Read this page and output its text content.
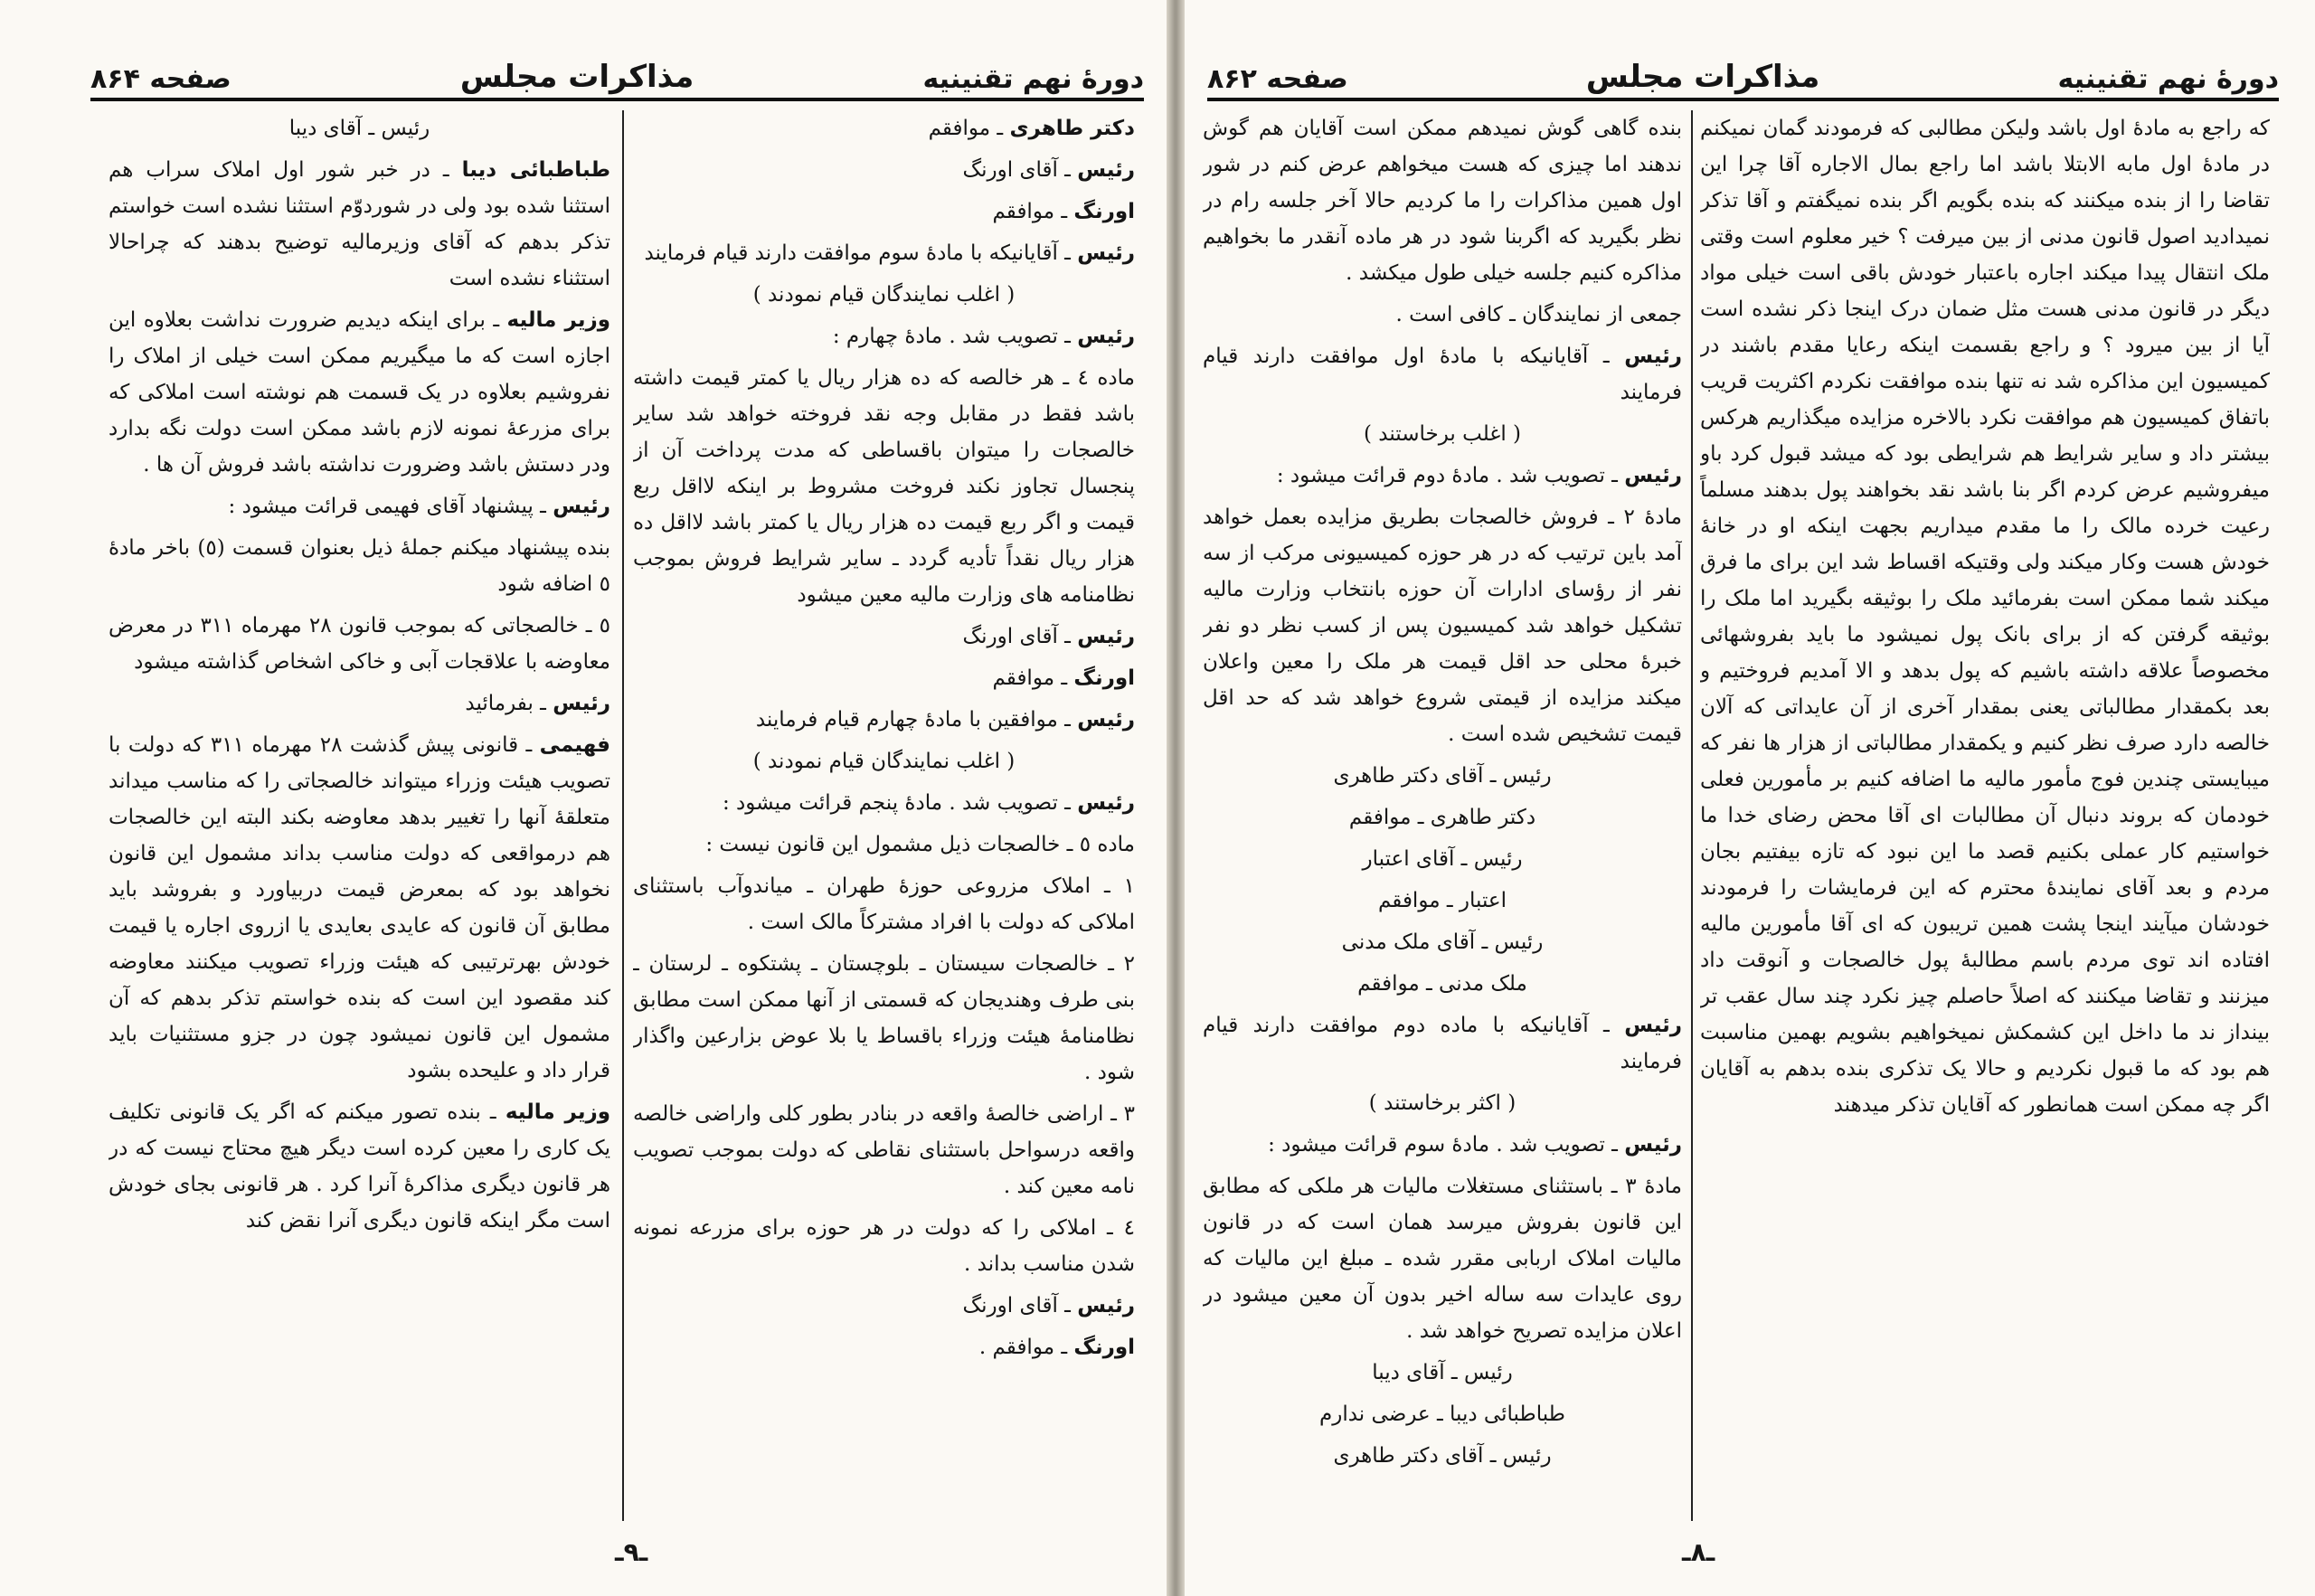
دورهٔ نهم تقنینیه
مذاکرات مجلس
صفحه ۸۶۴

دکتر طاهری ـ موافقم

رئیس ـ آقای اورنگ

اورنگ ـ موافقم

رئیس ـ آقایانیکه با مادهٔ سوم موافقت دارند قیام فرمایند

( اغلب نمایندگان قیام نمودند )

رئیس ـ تصویب شد . مادهٔ چهارم :

ماده ٤ ـ هر خالصه که ده هزار ریال یا کمتر قیمت داشته باشد فقط در مقابل وجه نقد فروخته خواهد شد سایر خالصجات را میتوان باقساطی که مدت پرداخت آن از پنجسال تجاوز نکند فروخت مشروط بر اینکه لااقل ربع قیمت و اگر ربع قیمت ده هزار ریال یا کمتر باشد لااقل ده هزار ریال نقداً تأدیه گردد ـ سایر شرایط فروش بموجب نظامنامه های وزارت مالیه معین میشود

رئیس ـ آقای اورنگ

اورنگ ـ موافقم

رئیس ـ موافقین با مادهٔ چهارم قیام فرمایند

( اغلب نمایندگان قیام نمودند )

رئیس ـ تصویب شد . مادهٔ پنجم قرائت میشود :

ماده ٥ ـ خالصجات ذیل مشمول این قانون نیست :

۱ ـ املاک مزروعی حوزهٔ طهران ـ میاندوآب باستثنای املاکی که دولت با افراد مشترکاً مالک است .

۲ ـ خالصجات سیستان ـ بلوچستان ـ پشتکوه ـ لرستان ـ بنی طرف وهندیجان که قسمتی از آنها ممکن است مطابق نظامنامهٔ هیئت وزراء باقساط یا بلا عوض بزارعین واگذار شود .

۳ ـ اراضی خالصهٔ واقعه در بنادر بطور کلی واراضی خالصه واقعه درسواحل باستثنای نقاطی که دولت بموجب تصویب نامه معین کند .

٤ ـ املاکی را که دولت در هر حوزه برای مزرعه نمونه شدن مناسب بداند .

رئیس ـ آقای اورنگ

اورنگ ـ موافقم .

رئیس ـ آقای دیبا

طباطبائی دیبا ـ در خبر شور اول املاک سراب هم استثنا شده بود ولی در شوردوّم استثنا نشده است خواستم تذکر بدهم که آقای وزیرمالیه توضیح بدهند که چراحالا استثناء نشده است

وزیر مالیه ـ برای اینکه دیدیم ضرورت نداشت بعلاوه این اجازه است که ما میگیریم ممکن است خیلی از املاک را نفروشیم بعلاوه در یک قسمت هم نوشته است املاکی که برای مزرعهٔ نمونه لازم باشد ممکن است دولت نگه بدارد ودر دستش باشد وضرورت نداشته باشد فروش آن ها .

رئیس ـ پیشنهاد آقای فهیمی قرائت میشود :

بنده پیشنهاد میکنم جملهٔ ذیل بعنوان قسمت (٥) باخر مادهٔ ٥ اضافه شود

٥ ـ خالصجاتی که بموجب قانون ۲۸ مهرماه ۳۱۱ در معرض معاوضه با علاقجات آبی و خاکی اشخاص گذاشته میشود

رئیس ـ بفرمائید

فهیمی ـ قانونی پیش گذشت ۲۸ مهرماه ۳۱۱ که دولت با تصویب هیئت وزراء میتواند خالصجاتی را که مناسب میداند متعلقهٔ آنها را تغییر بدهد معاوضه بکند البته این خالصجات هم درمواقعی که دولت مناسب بداند مشمول این قانون نخواهد بود که بمعرض قیمت دربیاورد و بفروشد باید مطابق آن قانون که عایدی بعایدی یا ازروی اجاره یا قیمت خودش بهرترتیبی که هیئت وزراء تصویب میکنند معاوضه کند مقصود این است که بنده خواستم تذکر بدهم که آن مشمول این قانون نمیشود چون در جزو مستثنیات باید قرار داد و علیحده بشود

وزیر مالیه ـ بنده تصور میکنم که اگر یک قانونی تکلیف یک کاری را معین کرده است دیگر هیچ محتاج نیست که در هر قانون دیگری مذاکرهٔ آنرا کرد . هر قانونی بجای خودش است مگر اینکه قانون دیگری آنرا نقض کند

ـ۹ـ
دورهٔ نهم تقنینیه
مذاکرات مجلس
صفحه ۸۶۲

که راجع به مادهٔ اول باشد ولیکن مطالبی که فرمودند گمان نمیکنم در مادهٔ اول مابه الابتلا باشد اما راجع بمال الاجاره آقا چرا این تقاضا را از بنده میکنند که بنده بگویم اگر بنده نمیگفتم و آقا تذکر نمیدادید اصول قانون مدنی از بین میرفت ؟ خیر معلوم است وقتی ملک انتقال پیدا میکند اجاره باعتبار خودش باقی است خیلی مواد دیگر در قانون مدنی هست مثل ضمان درک اینجا ذکر نشده است آیا از بین میرود ؟ و راجع بقسمت اینکه رعایا مقدم باشند در کمیسیون این مذاکره شد نه تنها بنده موافقت نکردم اکثریت قریب باتفاق کمیسیون هم موافقت نکرد بالاخره مزایده میگذاریم هرکس بیشتر داد و سایر شرایط هم شرایطی بود که میشد قبول کرد باو میفروشیم عرض کردم اگر بنا باشد نقد بخواهند پول بدهند مسلماً رعیت خرده مالک را ما مقدم میداریم بجهت اینکه او در خانهٔ خودش هست وکار میکند ولی وقتیکه اقساط شد این برای ما فرق میکند شما ممکن است بفرمائید ملک را بوثیقه بگیرید اما ملک را بوثیقه گرفتن که از برای بانک پول نمیشود ما باید بفروشهائی مخصوصاً علاقه داشته باشیم که پول بدهد و الا آمدیم فروختیم و بعد بکمقدار مطالباتی یعنی بمقدار آخری از آن عایداتی که آلان خالصه دارد صرف نظر کنیم و یکمقدار مطالباتی از هزار ها نفر که میبایستی چندین فوج مأمور مالیه ما اضافه کنیم بر مأمورین فعلی خودمان که بروند دنبال آن مطالبات ای آقا محض رضای خدا ما خواستیم کار عملی بکنیم قصد ما این نبود که تازه بیفتیم بجان مردم و بعد آقای نمایندهٔ محترم که این فرمایشات را فرمودند خودشان میآیند اینجا پشت همین تریبون که ای آقا مأمورین مالیه افتاده اند توی مردم باسم مطالبهٔ پول خالصجات و آنوقت داد میزنند و تقاضا میکنند که اصلاً حاصلم چیز نکرد چند سال عقب تر بینداز ند ما داخل این کشمکش نمیخواهیم بشویم بهمین مناسبت هم بود که ما قبول نکردیم و حالا یک تذکری بنده بدهم به آقایان اگر چه ممکن است همانطور که آقایان تذکر میدهند

بنده گاهی گوش نمیدهم ممکن است آقایان هم گوش ندهند اما چیزی که هست میخواهم عرض کنم در شور اول همین مذاکرات را ما کردیم حالا آخر جلسه رام در نظر بگیرید که اگربنا شود در هر ماده آنقدر ما بخواهیم مذاکره کنیم جلسه خیلی طول میکشد .

جمعی از نمایندگان ـ کافی است .

رئیس ـ آقایانیکه با مادهٔ اول موافقت دارند قیام فرمایند

( اغلب برخاستند )

رئیس ـ تصویب شد . مادهٔ دوم قرائت میشود :

مادهٔ ۲ ـ فروش خالصجات بطریق مزایده بعمل خواهد آمد باین ترتیب که در هر حوزه کمیسیونی مرکب از سه نفر از رؤسای ادارات آن حوزه بانتخاب وزارت مالیه تشکیل خواهد شد کمیسیون پس از کسب نظر دو نفر خبرهٔ محلی حد اقل قیمت هر ملک را معین واعلان میکند مزایده از قیمتی شروع خواهد شد که حد اقل قیمت تشخیص شده است .

رئیس ـ آقای دکتر طاهری

دکتر طاهری ـ موافقم

رئیس ـ آقای اعتبار

اعتبار ـ موافقم

رئیس ـ آقای ملک مدنی

ملک مدنی ـ موافقم

رئیس ـ آقایانیکه با ماده دوم موافقت دارند قیام فرمایند

( اکثر برخاستند )

رئیس ـ تصویب شد . مادهٔ سوم قرائت میشود :

مادهٔ ۳ ـ باستثنای مستغلات مالیات هر ملکی که مطابق این قانون بفروش میرسد همان است که در قانون مالیات املاک اربابی مقرر شده ـ مبلغ این مالیات که روی عایدات سه ساله اخیر بدون آن معین میشود در اعلان مزایده تصریح خواهد شد .

رئیس ـ آقای دیبا

طباطبائی دیبا ـ عرضی ندارم

رئیس ـ آقای دکتر طاهری

ـ۸ـ
